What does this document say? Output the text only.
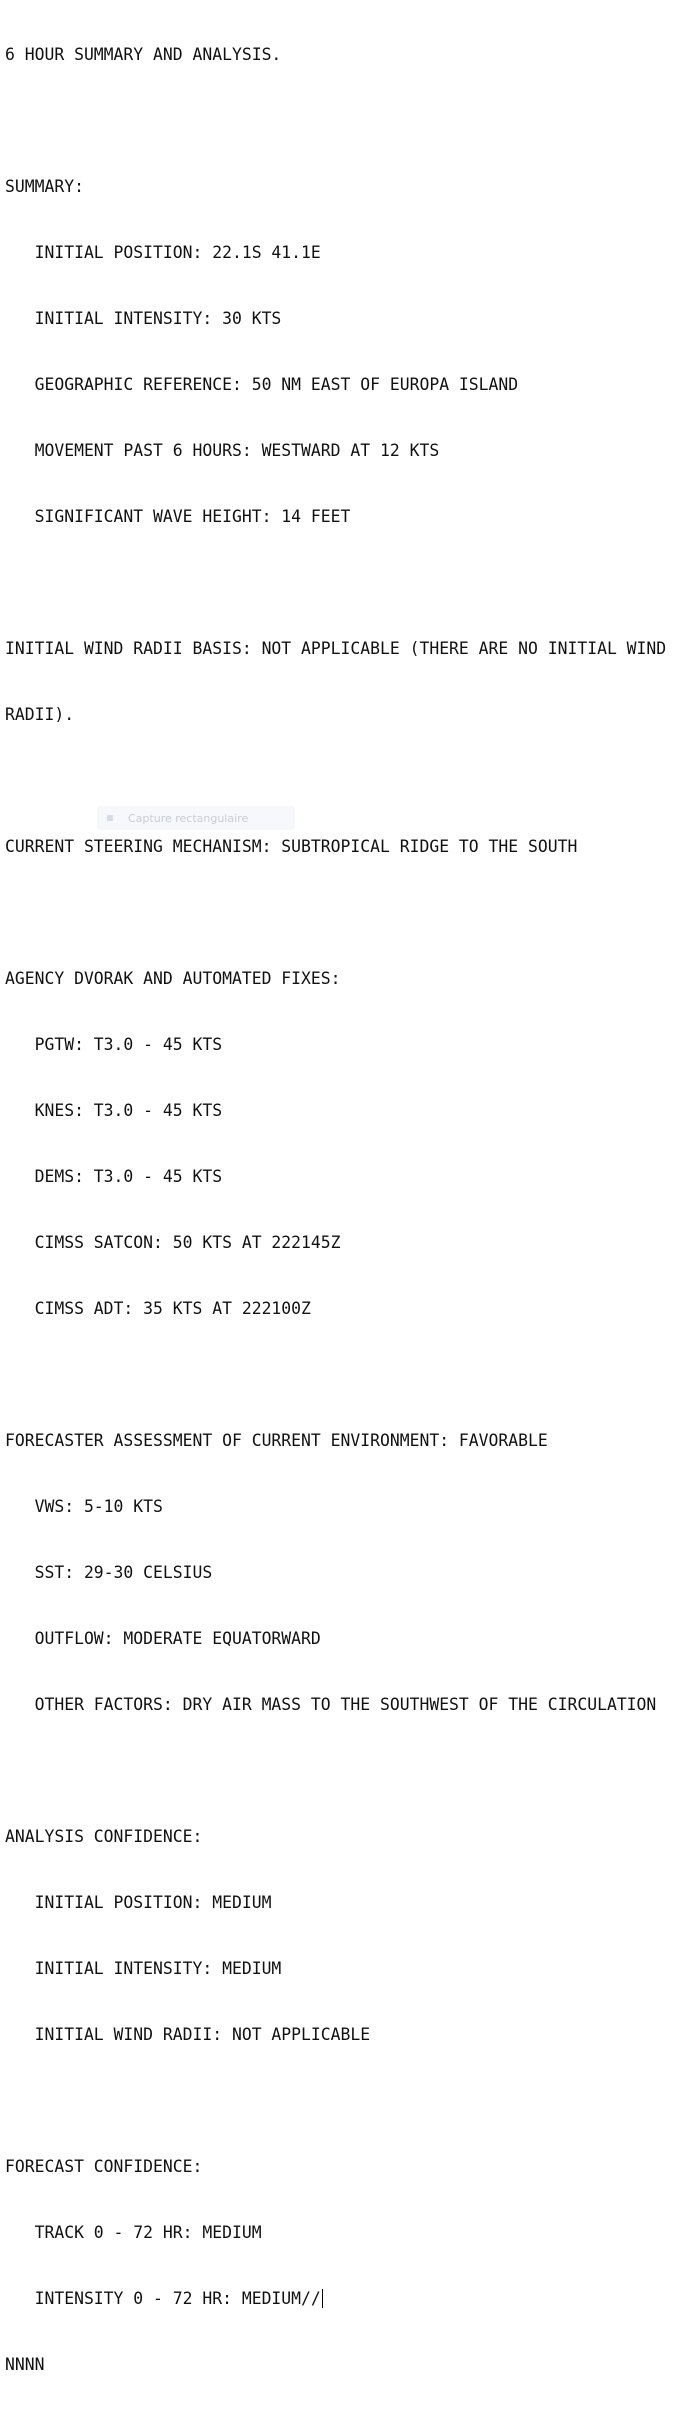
6 HOUR SUMMARY AND ANALYSIS.

SUMMARY:

INITIAL POSITION: 22.1S 41.1E

INITIAL INTENSITY: 30 KTS

GEOGRAPHIC REFERENCE: 50 NM EAST OF EUROPA ISLAND

MOVEMENT PAST 6 HOURS: WESTWARD AT 12 KTS

SIGNIFICANT WAVE HEIGHT: 14 FEET

INITIAL WIND RADII BASIS: NOT APPLICABLE (THERE ARE NO INITIAL WIND

RADII).

CURRENT STEERING MECHANISM: SUBTROPICAL RIDGE TO THE SOUTH

AGENCY DVORAK AND AUTOMATED FIXES:

PGTW: T3.0 - 45 KTS

KNES: T3.0 - 45 KTS

DEMS: T3.0 - 45 KTS

CIMSS SATCON: 50 KTS AT 222145Z

CIMSS ADT: 35 KTS AT 222100Z

FORECASTER ASSESSMENT OF CURRENT ENVIRONMENT: FAVORABLE

VWS: 5-10 KTS

SST: 29-30 CELSIUS

OUTFLOW: MODERATE EQUATORWARD

OTHER FACTORS: DRY AIR MASS TO THE SOUTHWEST OF THE CIRCULATION

ANALYSIS CONFIDENCE:

INITIAL POSITION: MEDIUM

INITIAL INTENSITY: MEDIUM

INITIAL WIND RADII: NOT APPLICABLE

FORECAST CONFIDENCE:

TRACK 0 - 72 HR: MEDIUM

INTENSITY 0 - 72 HR: MEDIUM//

NNNN

Capture rectangulaire
